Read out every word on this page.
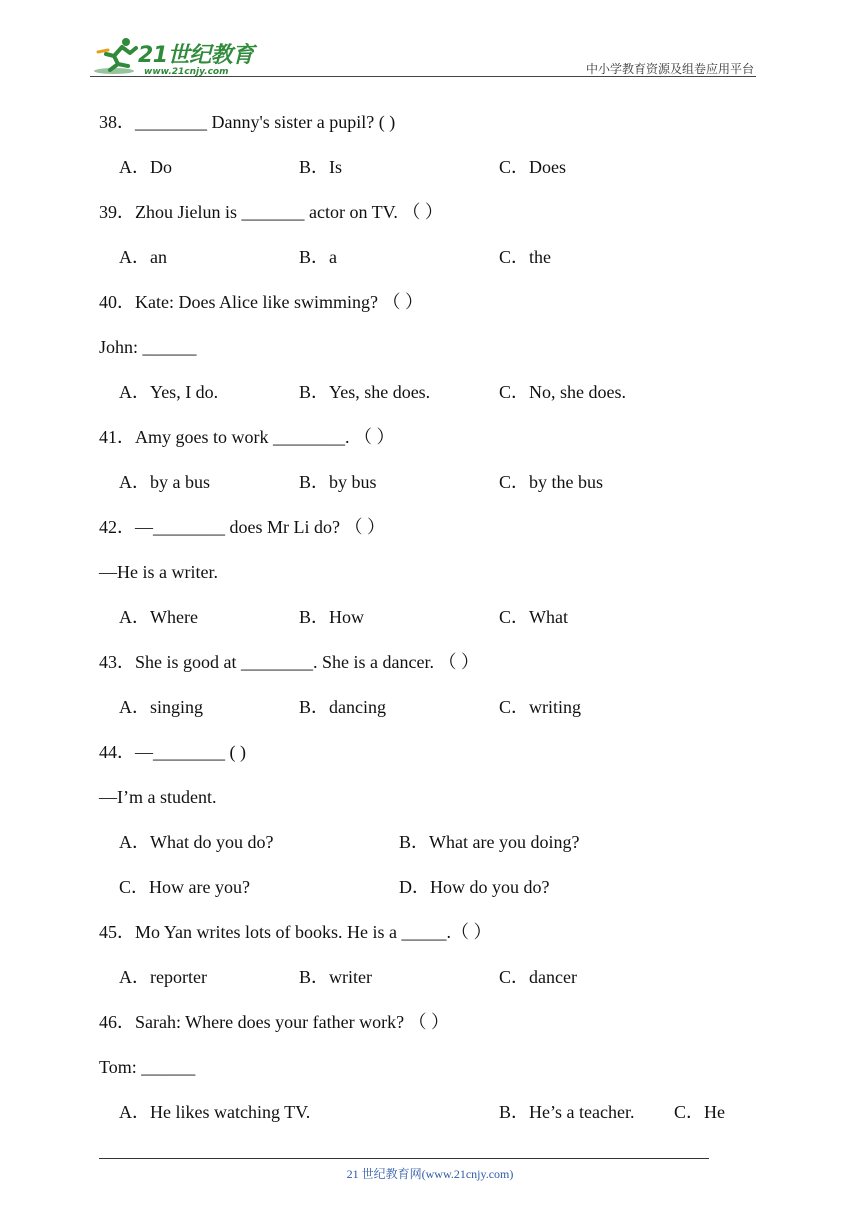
21世纪教育
www.21cnjy.com	中小学教育资源及组卷应用平台
38．________ Danny's sister a pupil? ( )
A．Do	B．Is	C．Does
39．Zhou Jielun is _______ actor on TV. （ ）
A．an	B．a	C．the
40．Kate: Does Alice like swimming? （ ）
John: ______
A．Yes, I do.	B．Yes, she does.	C．No, she does.
41．Amy goes to work ________. （ ）
A．by a bus	B．by bus	C．by the bus
42．—________ does Mr Li do? （ ）
—He is a writer.
A．Where	B．How	C．What
43．She is good at ________. She is a dancer. （ ）
A．singing	B．dancing	C．writing
44．—________ ( )
—I’m a student.
A．What do you do?	B．What are you doing?
C．How are you?	D．How do you do?
45．Mo Yan writes lots of books. He is a _____.（ ）
A．reporter	B．writer	C．dancer
46．Sarah: Where does your father work? （ ）
Tom: ______
A．He likes watching TV.	B．He’s a teacher. C．He
21 世纪教育网(www.21cnjy.com)
